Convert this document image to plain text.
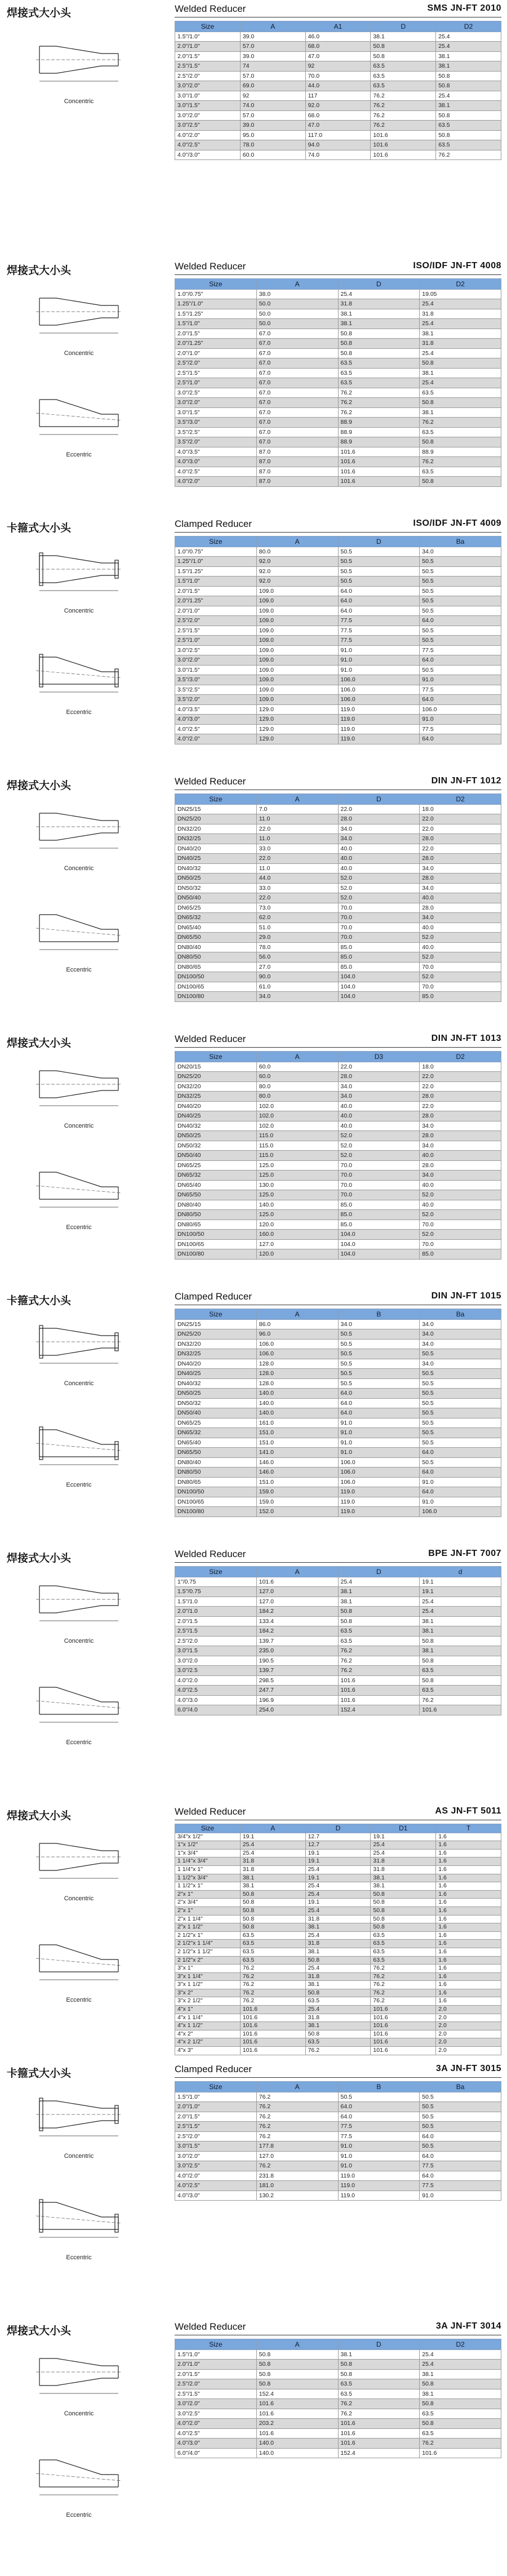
焊接式大小头
Concentric
Welded Reducer	SMS JN-FT 2010
Size	A	A1	D	D2
1.5"/1.0"	39.0	46.0	38.1	25.4
2.0"/1.0"	57.0	68.0	50.8	25.4
2.0"/1.5"	39.0	47.0	50.8	38.1
2.5"/1.5"	74	92	63.5	38.1
2.5"/2.0"	57.0	70.0	63.5	50.8
3.0"/2.0"	69.0	44.0	63.5	50.8
3.0"/1.0"	92	117	76.2	25.4
3.0"/1.5"	74.0	92.0	76.2	38.1
3.0"/2.0"	57.0	68.0	76.2	50.8
3.0"/2.5"	39.0	47.0	76.2	63.5
4.0"/2.0"	95.0	117.0	101.6	50.8
4.0"/2.5"	78.0	94.0	101.6	63.5
4.0"/3.0"	60.0	74.0	101.6	76.2
焊接式大小头
Concentric
Eccentric
Welded Reducer	ISO/IDF JN-FT 4008
Size	A	D	D2
1.0"/0.75"	38.0	25.4	19.05
1.25"/1.0"	50.0	31.8	25.4
1.5"/1.25"	50.0	38.1	31.8
1.5"/1.0"	50.0	38.1	25.4
2.0"/1.5"	67.0	50.8	38.1
2.0"/1.25"	67.0	50.8	31.8
2.0"/1.0"	67.0	50.8	25.4
2.5"/2.0"	67.0	63.5	50.8
2.5"/1.5"	67.0	63.5	38.1
2.5"/1.0"	67.0	63.5	25.4
3.0"/2.5"	67.0	76.2	63.5
3.0"/2.0"	67.0	76.2	50.8
3.0"/1.5"	67.0	76.2	38.1
3.5"/3.0"	67.0	88.9	76.2
3.5"/2.5"	67.0	88.9	63.5
3.5"/2.0"	67.0	88.9	50.8
4.0"/3.5"	87.0	101.6	88.9
4.0"/3.0"	87.0	101.6	76.2
4.0"/2.5"	87.0	101.6	63.5
4.0"/2.0"	87.0	101.6	50.8
卡箍式大小头
Concentric
Eccentric
Clamped Reducer	ISO/IDF JN-FT 4009
Size	A	D	Ba
1.0"/0.75"	80.0	50.5	34.0
1.25"/1.0"	92.0	50.5	50.5
1.5"/1.25"	92.0	50.5	50.5
1.5"/1.0"	92.0	50.5	50.5
2.0"/1.5"	109.0	64.0	50.5
2.0"/1.25"	109.0	64.0	50.5
2.0"/1.0"	109.0	64.0	50.5
2.5"/2.0"	109.0	77.5	64.0
2.5"/1.5"	109.0	77.5	50.5
2.5"/1.0"	109.0	77.5	50.5
3.0"/2.5"	109.0	91.0	77.5
3.0"/2.0"	109.0	91.0	64.0
3.0"/1.5"	109.0	91.0	50.5
3.5"/3.0"	109.0	106.0	91.0
3.5"/2.5"	109.0	106.0	77.5
3.5"/2.0"	109.0	106.0	64.0
4.0"/3.5"	129.0	119.0	106.0
4.0"/3.0"	129.0	119.0	91.0
4.0"/2.5"	129.0	119.0	77.5
4.0"/2.0"	129.0	119.0	64.0
焊接式大小头
Concentric
Eccentric
Welded Reducer	DIN JN-FT 1012
Size	A	D	D2
DN25/15	7.0	22.0	18.0
DN25/20	11.0	28.0	22.0
DN32/20	22.0	34.0	22.0
DN32/25	11.0	34.0	28.0
DN40/20	33.0	40.0	22.0
DN40/25	22.0	40.0	28.0
DN40/32	11.0	40.0	34.0
DN50/25	44.0	52.0	28.0
DN50/32	33.0	52.0	34.0
DN50/40	22.0	52.0	40.0
DN65/25	73.0	70.0	28.0
DN65/32	62.0	70.0	34.0
DN65/40	51.0	70.0	40.0
DN65/50	29.0	70.0	52.0
DN80/40	78.0	85.0	40.0
DN80/50	56.0	85.0	52.0
DN80/65	27.0	85.0	70.0
DN100/50	90.0	104.0	52.0
DN100/65	61.0	104.0	70.0
DN100/80	34.0	104.0	85.0
焊接式大小头
Concentric
Eccentric
Welded Reducer	DIN JN-FT 1013
Size	A	D3	D2
DN20/15	60.0	22.0	18.0
DN25/20	60.0	28.0	22.0
DN32/20	80.0	34.0	22.0
DN32/25	80.0	34.0	28.0
DN40/20	102.0	40.0	22.0
DN40/25	102.0	40.0	28.0
DN40/32	102.0	40.0	34.0
DN50/25	115.0	52.0	28.0
DN50/32	115.0	52.0	34.0
DN50/40	115.0	52.0	40.0
DN65/25	125.0	70.0	28.0
DN65/32	125.0	70.0	34.0
DN65/40	130.0	70.0	40.0
DN65/50	125.0	70.0	52.0
DN80/40	140.0	85.0	40.0
DN80/50	125.0	85.0	52.0
DN80/65	120.0	85.0	70.0
DN100/50	160.0	104.0	52.0
DN100/65	127.0	104.0	70.0
DN100/80	120.0	104.0	85.0
卡箍式大小头
Concentric
Eccentric
Clamped Reducer	DIN JN-FT 1015
Size	A	B	Ba
DN25/15	86.0	34.0	34.0
DN25/20	96.0	50.5	34.0
DN32/20	106.0	50.5	34.0
DN32/25	106.0	50.5	50.5
DN40/20	128.0	50.5	34.0
DN40/25	128.0	50.5	50.5
DN40/32	128.0	50.5	50.5
DN50/25	140.0	64.0	50.5
DN50/32	140.0	64.0	50.5
DN50/40	140.0	64.0	50.5
DN65/25	161.0	91.0	50.5
DN65/32	151.0	91.0	50.5
DN65/40	151.0	91.0	50.5
DN65/50	141.0	91.0	64.0
DN80/40	146.0	106.0	50.5
DN80/50	146.0	106.0	64.0
DN80/65	151.0	106.0	91.0
DN100/50	159.0	119.0	64.0
DN100/65	159.0	119.0	91.0
DN100/80	152.0	119.0	106.0
焊接式大小头
Concentric
Eccentric
Welded Reducer	BPE JN-FT 7007
Size	A	D	d
1"/0.75	101.6	25.4	19.1
1.5"/0.75	127.0	38.1	19.1
1.5"/1.0	127.0	38.1	25.4
2.0"/1.0	184.2	50.8	25.4
2.0"/1.5	133.4	50.8	38.1
2.5"/1.5	184.2	63.5	38.1
2.5"/2.0	139.7	63.5	50.8
3.0"/1.5	235.0	76.2	38.1
3.0"/2.0	190.5	76.2	50.8
3.0"/2.5	139.7	76.2	63.5
4.0"/2.0	298.5	101.6	50.8
4.0"/2.5	247.7	101.6	63.5
4.0"/3.0	196.9	101.6	76.2
6.0"/4.0	254.0	152.4	101.6
焊接式大小头
Concentric
Eccentric
Welded Reducer	AS JN-FT 5011
Size	A	D	D1	T
3/4"x 1/2"	19.1	12.7	19.1	1.6
1"x 1/2"	25.4	12.7	25.4	1.6
1"x 3/4"	25.4	19.1	25.4	1.6
1 1/4"x 3/4"	31.8	19.1	31.8	1.6
1 1/4"x 1"	31.8	25.4	31.8	1.6
1 1/2"x 3/4"	38.1	19.1	38.1	1.6
1 1/2"x 1"	38.1	25.4	38.1	1.6
2"x 1"	50.8	25.4	50.8	1.6
2"x 3/4"	50.8	19.1	50.8	1.6
2"x 1"	50.8	25.4	50.8	1.6
2"x 1 1/4"	50.8	31.8	50.8	1.6
2"x 1 1/2"	50.8	38.1	50.8	1.6
2 1/2"x 1"	63.5	25.4	63.5	1.6
2 1/2"x 1 1/4"	63.5	31.8	63.5	1.6
2 1/2"x 1 1/2"	63.5	38.1	63.5	1.6
2 1/2"x 2"	63.5	50.8	63.5	1.6
3"x 1"	76.2	25.4	76.2	1.6
3"x 1 1/4"	76.2	31.8	76.2	1.6
3"x 1 1/2"	76.2	38.1	76.2	1.6
3"x 2"	76.2	50.8	76.2	1.6
3"x 2 1/2"	76.2	63.5	76.2	1.6
4"x 1"	101.6	25.4	101.6	2.0
4"x 1 1/4"	101.6	31.8	101.6	2.0
4"x 1 1/2"	101.6	38.1	101.6	2.0
4"x 2"	101.6	50.8	101.6	2.0
4"x 2 1/2"	101.6	63.5	101.6	2.0
4"x 3"	101.6	76.2	101.6	2.0
卡箍式大小头
Concentric
Eccentric
Clamped Reducer	3A JN-FT 3015
Size	A	B	Ba
1.5"/1.0"	76.2	50.5	50.5
2.0"/1.0"	76.2	64.0	50.5
2.0"/1.5"	76.2	64.0	50.5
2.5"/1.5"	76.2	77.5	50.5
2.5"/2.0"	76.2	77.5	64.0
3.0"/1.5"	177.8	91.0	50.5
3.0"/2.0"	127.0	91.0	64.0
3.0"/2.5"	76.2	91.0	77.5
4.0"/2.0"	231.8	119.0	64.0
4.0"/2.5"	181.0	119.0	77.5
4.0"/3.0"	130.2	119.0	91.0
焊接式大小头
Concentric
Eccentric
Welded Reducer	3A JN-FT 3014
Size	A	D	D2
1.5"/1.0"	50.8	38.1	25.4
2.0"/1.0"	50.8	50.8	25.4
2.0"/1.5"	50.8	50.8	38.1
2.5"/2.0"	50.8	63.5	50.8
2.5"/1.5"	152.4	63.5	38.1
3.0"/2.0"	101.6	76.2	50.8
3.0"/2.5"	101.6	76.2	63.5
4.0"/2.0"	203.2	101.6	50.8
4.0"/2.5"	101.6	101.6	63.5
4.0"/3.0"	140.0	101.6	76.2
6.0"/4.0"	140.0	152.4	101.6
